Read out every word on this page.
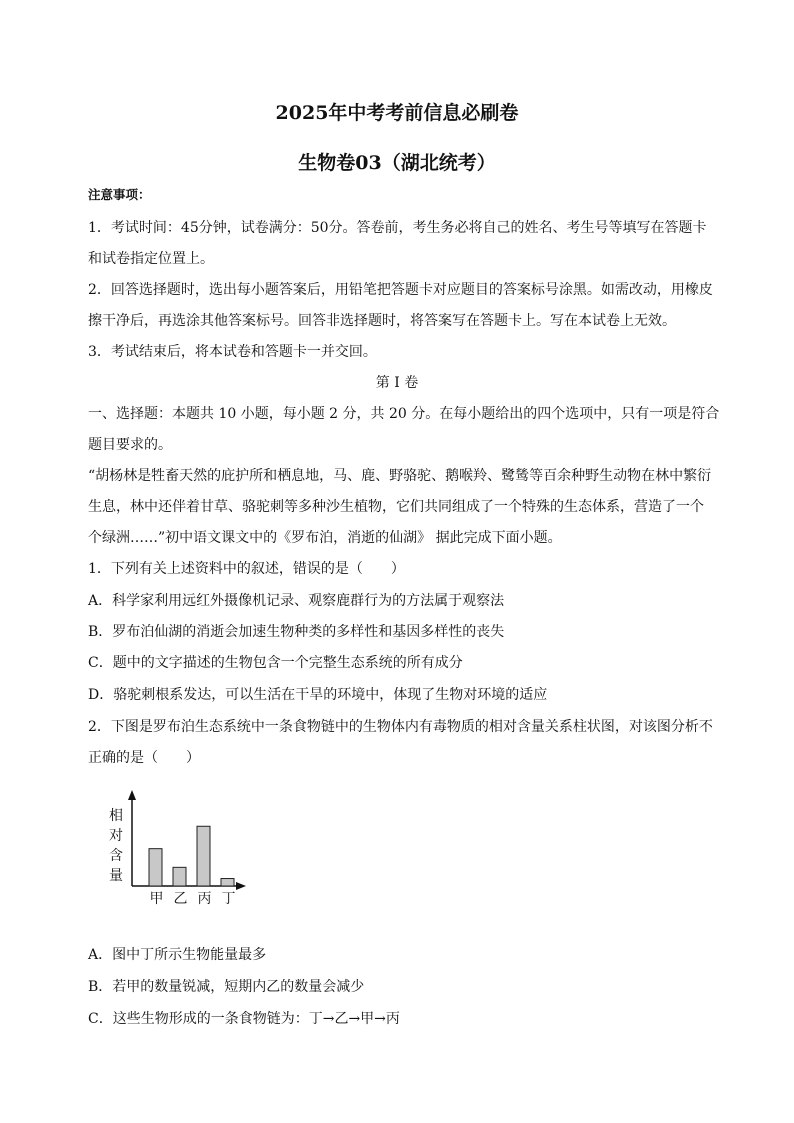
2025年中考考前信息必刷卷
生物卷03（湖北统考）
注意事项：
1．考试时间：45分钟，试卷满分：50分。答卷前，考生务必将自己的姓名、考生号等填写在答题卡
和试卷指定位置上。
2．回答选择题时，选出每小题答案后，用铅笔把答题卡对应题目的答案标号涂黑。如需改动，用橡皮
擦干净后，再选涂其他答案标号。回答非选择题时，将答案写在答题卡上。写在本试卷上无效。
3．考试结束后，将本试卷和答题卡一并交回。
第 I 卷
一、选择题：本题共 10 小题，每小题 2 分，共 20 分。在每小题给出的四个选项中，只有一项是符合
题目要求的。
“胡杨林是牲畜天然的庇护所和栖息地，马、鹿、野骆驼、鹅喉羚、鹭鸶等百余种野生动物在林中繁衍
生息，林中还伴着甘草、骆驼刺等多种沙生植物，它们共同组成了一个特殊的生态体系，营造了一个
个绿洲……”初中语文课文中的《罗布泊，消逝的仙湖》 据此完成下面小题。
1．下列有关上述资料中的叙述，错误的是（　　）
A．科学家利用远红外摄像机记录、观察鹿群行为的方法属于观察法
B．罗布泊仙湖的消逝会加速生物种类的多样性和基因多样性的丧失
C．题中的文字描述的生物包含一个完整生态系统的所有成分
D．骆驼刺根系发达，可以生活在干旱的环境中，体现了生物对环境的适应
2．下图是罗布泊生态系统中一条食物链中的生物体内有毒物质的相对含量关系柱状图，对该图分析不
正确的是（　　）
相
对
含
量
甲 乙 丙 丁
A．图中丁所示生物能量最多
B．若甲的数量锐减，短期内乙的数量会减少
C．这些生物形成的一条食物链为：丁→乙→甲→丙
